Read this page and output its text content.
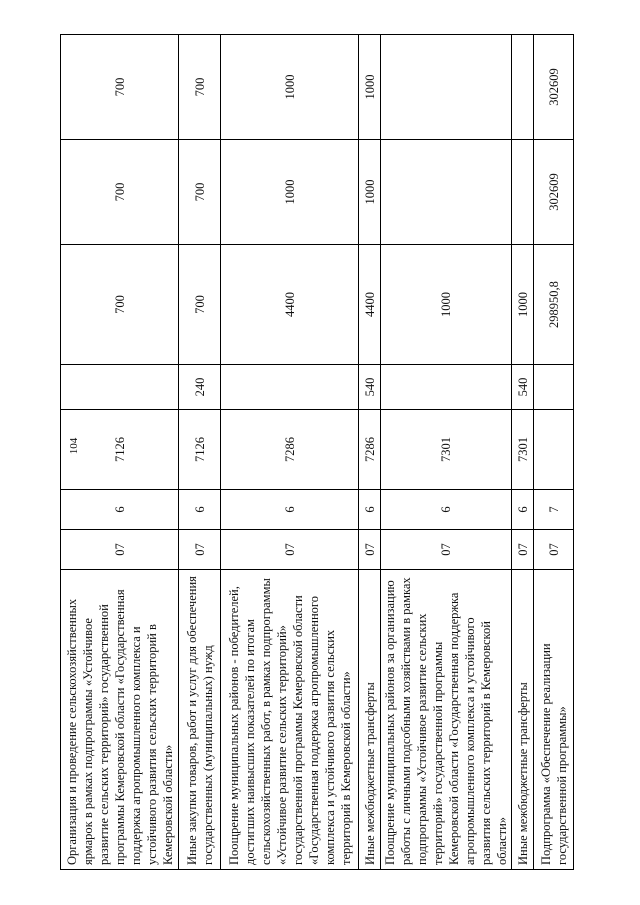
104
Организация и проведение сельскохозяйственных ярмарок в рамках подпрограммы «Устойчивое развитие сельских территорий» государственной программы Кемеровской области «Государственная поддержка агропромышленного комплекса и устойчивого развития сельских территорий в Кемеровской области»	07	6	7126		700	700	700
Иные закупки товаров, работ и услуг для обеспечения государственных (муниципальных) нужд	07	6	7126	240	700	700	700
Поощрение муниципальных районов - победителей, достигших наивысших показателей по итогам сельскохозяйственных работ, в рамках подпрограммы «Устойчивое развитие сельских территорий» государственной программы Кемеровской области «Государственная поддержка агропромышленного комплекса и устойчивого развития сельских территорий в Кемеровской области»	07	6	7286		4400	1000	1000
Иные межбюджетные трансферты	07	6	7286	540	4400	1000	1000
Поощрение муниципальных районов за организацию работы с личными подсобными хозяйствами в рамках подпрограммы «Устойчивое развитие сельских территорий» государственной программы Кемеровской области «Государственная поддержка агропромышленного комплекса и устойчивого развития сельских территорий в Кемеровской области»	07	6	7301		1000		
Иные межбюджетные трансферты	07	6	7301	540	1000		
Подпрограмма «Обеспечение реализации государственной программы»	07	7			298950,8	302609	302609
